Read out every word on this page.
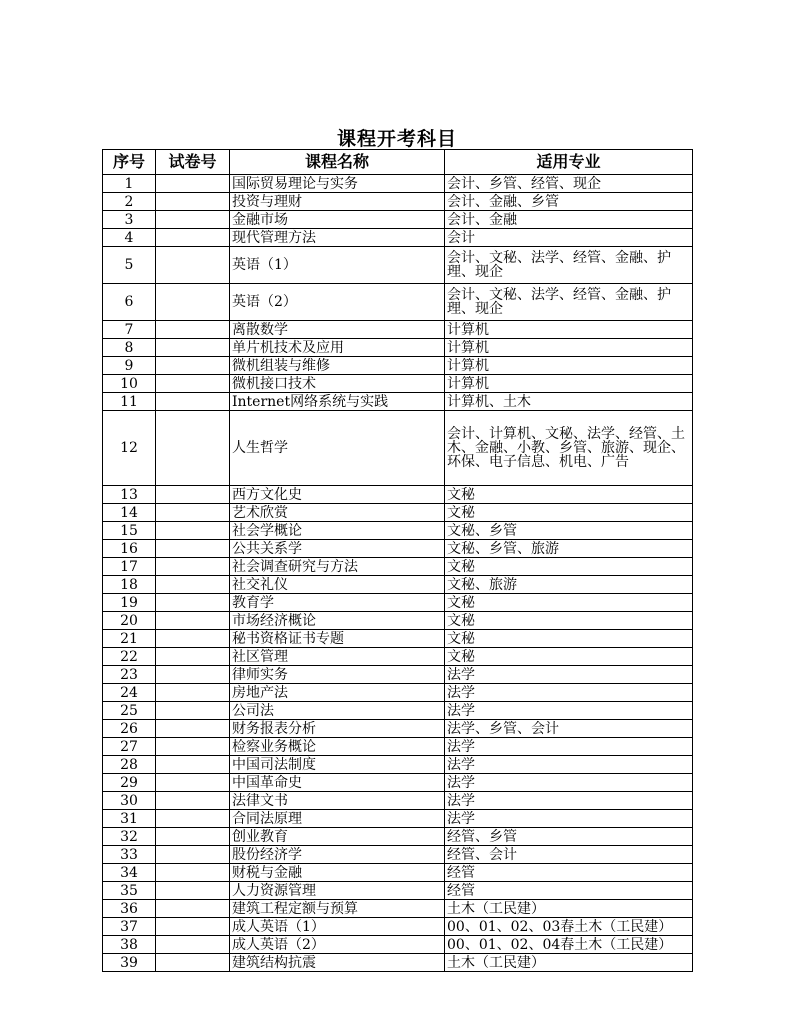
课程开考科目
序号	试卷号	课程名称	适用专业
1		国际贸易理论与实务	会计、乡管、经管、现企
2		投资与理财	会计、金融、乡管
3		金融市场	会计、金融
4		现代管理方法	会计
5		英语（1）	会计、文秘、法学、经管、金融、护理、现企
6		英语（2）	会计、文秘、法学、经管、金融、护理、现企
7		离散数学	计算机
8		单片机技术及应用	计算机
9		微机组装与维修	计算机
10		微机接口技术	计算机
11		Internet网络系统与实践	计算机、土木
12		人生哲学	会计、计算机、文秘、法学、经管、土木、金融、小教、乡管、旅游、现企、环保、电子信息、机电、广告
13		西方文化史	文秘
14		艺术欣赏	文秘
15		社会学概论	文秘、乡管
16		公共关系学	文秘、乡管、旅游
17		社会调查研究与方法	文秘
18		社交礼仪	文秘、旅游
19		教育学	文秘
20		市场经济概论	文秘
21		秘书资格证书专题	文秘
22		社区管理	文秘
23		律师实务	法学
24		房地产法	法学
25		公司法	法学
26		财务报表分析	法学、乡管、会计
27		检察业务概论	法学
28		中国司法制度	法学
29		中国革命史	法学
30		法律文书	法学
31		合同法原理	法学
32		创业教育	经管、乡管
33		股份经济学	经管、会计
34		财税与金融	经管
35		人力资源管理	经管
36		建筑工程定额与预算	土木（工民建）
37		成人英语（1）	00、01、02、03春土木（工民建）
38		成人英语（2）	00、01、02、04春土木（工民建）
39		建筑结构抗震	土木（工民建）
